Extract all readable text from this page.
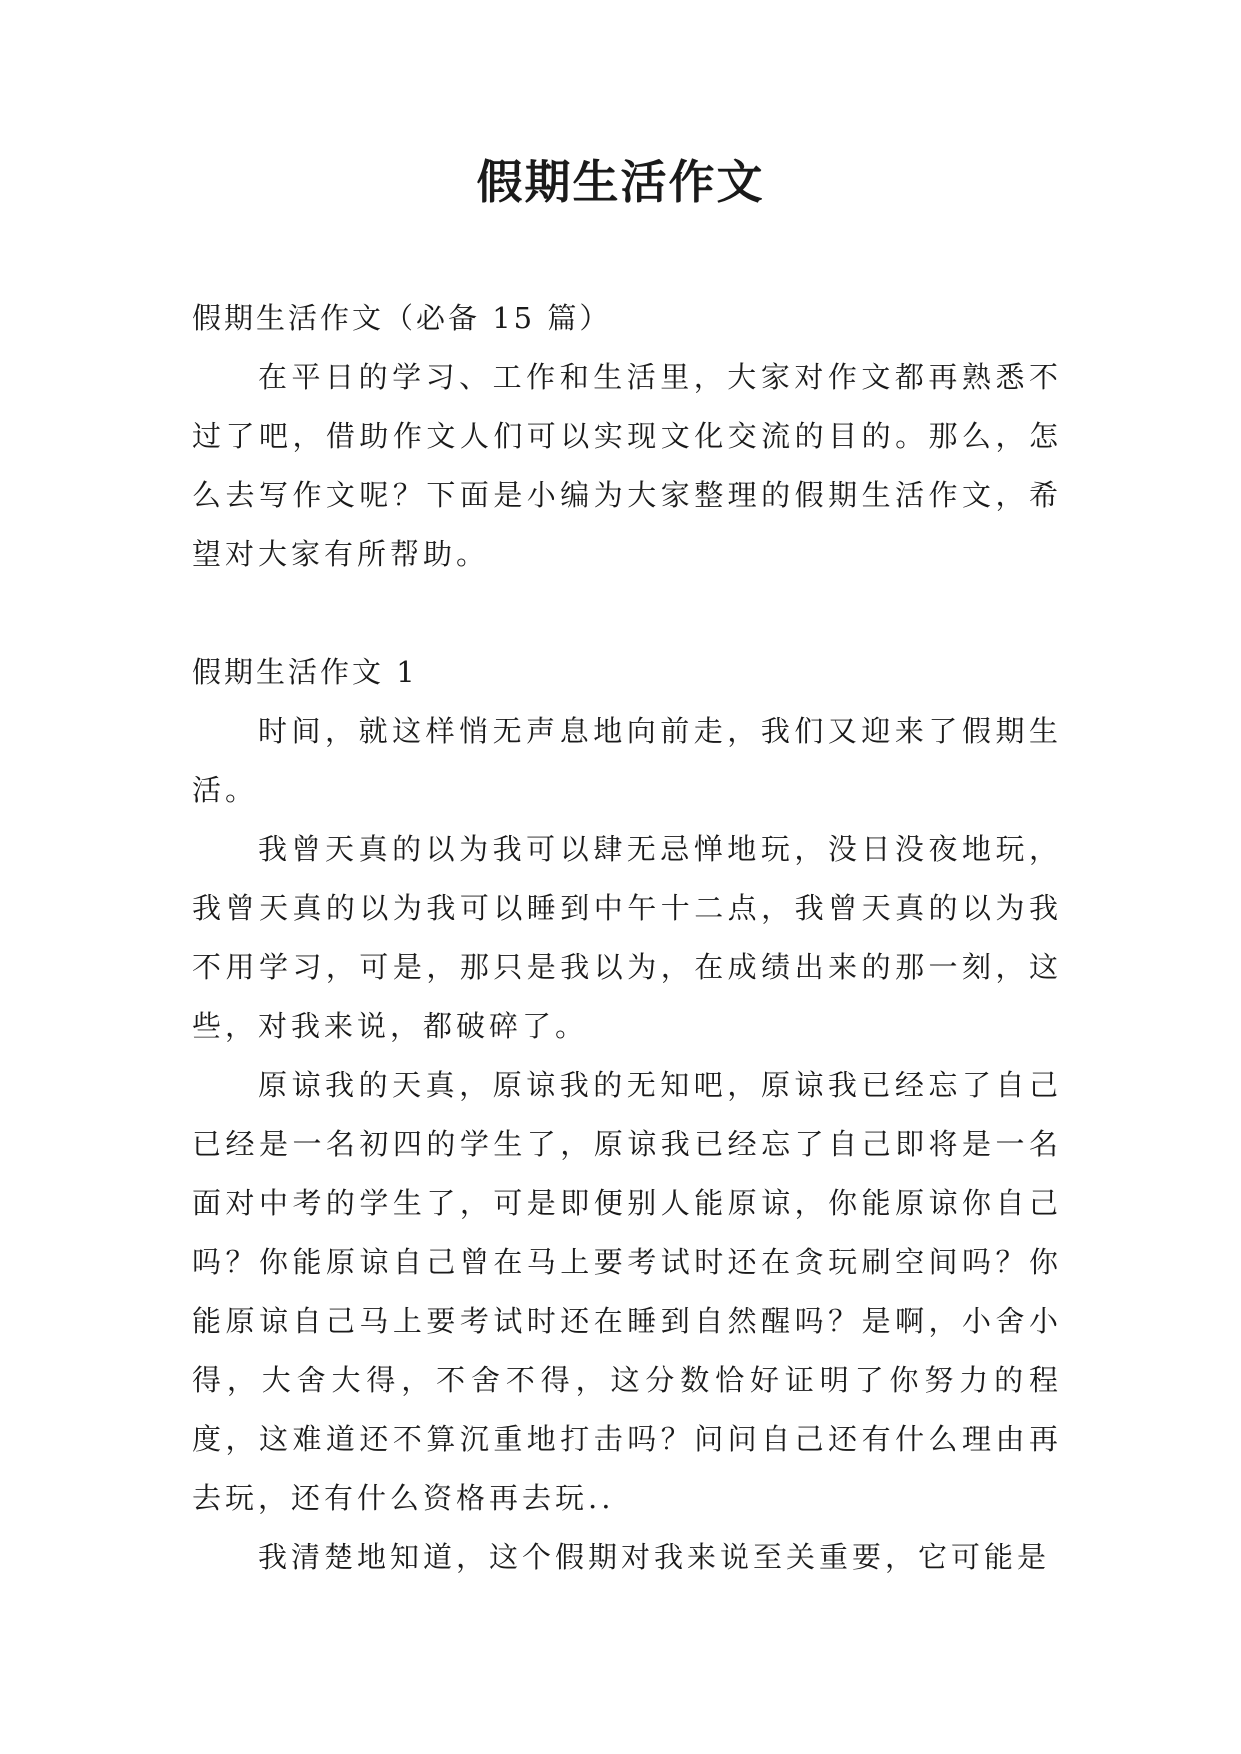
假期生活作文

假期生活作文（必备 15 篇）

在平日的学习、工作和生活里，大家对作文都再熟悉不过了吧，借助作文人们可以实现文化交流的目的。那么，怎么去写作文呢？下面是小编为大家整理的假期生活作文，希望对大家有所帮助。

假期生活作文 1

时间，就这样悄无声息地向前走，我们又迎来了假期生活。

我曾天真的以为我可以肆无忌惮地玩，没日没夜地玩，我曾天真的以为我可以睡到中午十二点，我曾天真的以为我不用学习，可是，那只是我以为，在成绩出来的那一刻，这些，对我来说，都破碎了。

原谅我的天真，原谅我的无知吧，原谅我已经忘了自己已经是一名初四的学生了，原谅我已经忘了自己即将是一名面对中考的学生了，可是即便别人能原谅，你能原谅你自己吗？你能原谅自己曾在马上要考试时还在贪玩刷空间吗？你能原谅自己马上要考试时还在睡到自然醒吗？是啊，小舍小得，大舍大得，不舍不得，这分数恰好证明了你努力的程度，这难道还不算沉重地打击吗？问问自己还有什么理由再去玩，还有什么资格再去玩..

我清楚地知道，这个假期对我来说至关重要，它可能是
